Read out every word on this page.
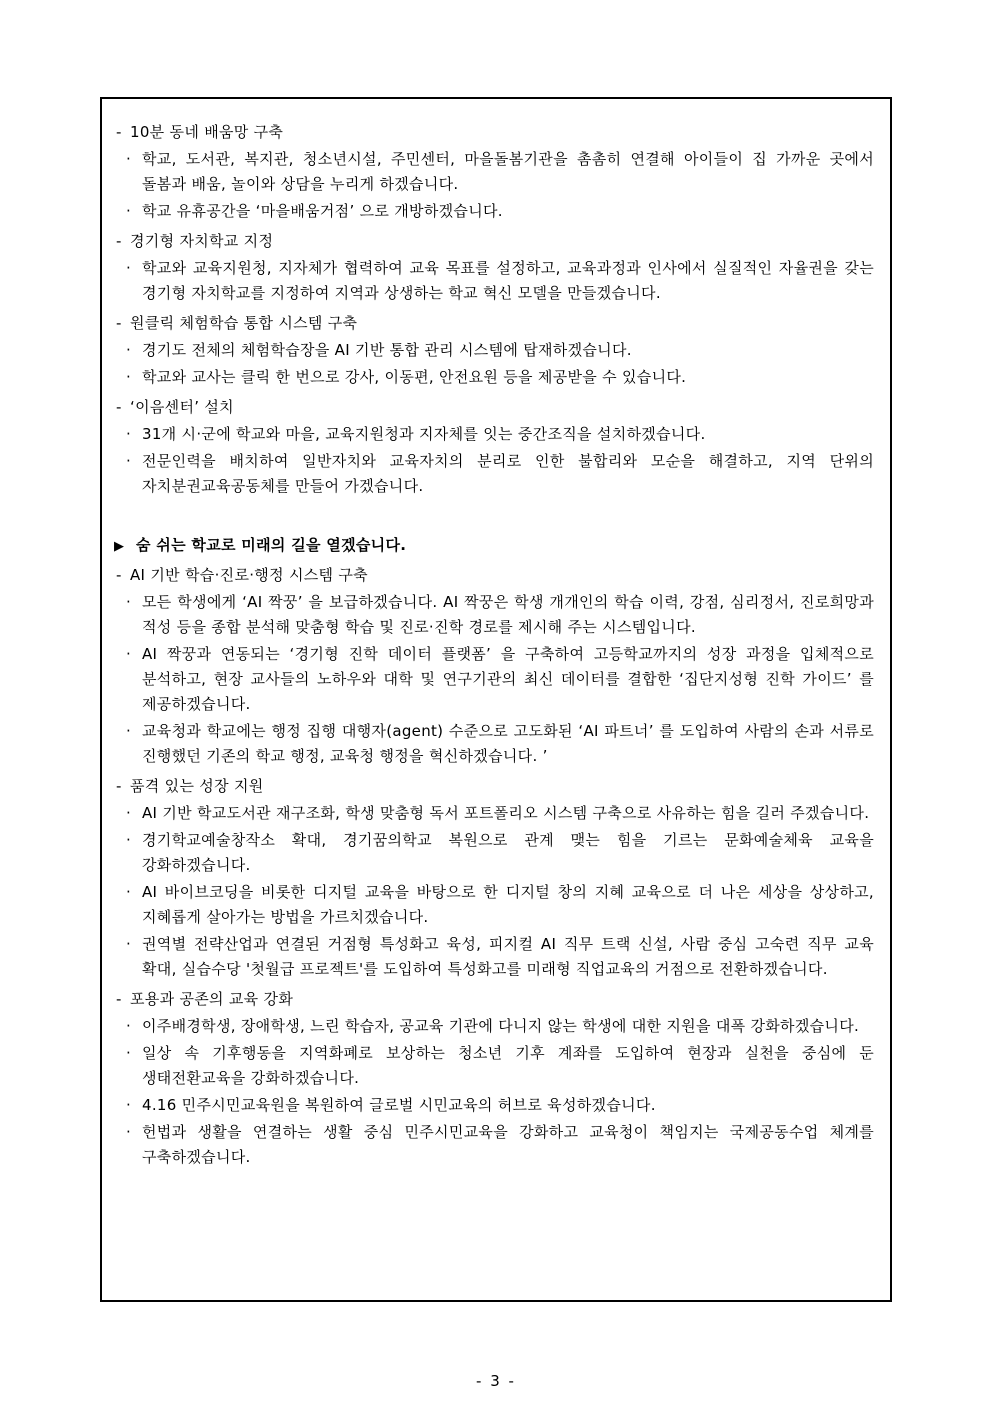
- 10분 동네 배움망 구축
· 학교, 도서관, 복지관, 청소년시설, 주민센터, 마을돌봄기관을 촘촘히 연결해 아이들이 집 가까운 곳에서 돌봄과 배움, 놀이와 상담을 누리게 하겠습니다.
· 학교 유휴공간을 ‘마을배움거점’ 으로 개방하겠습니다.
- 경기형 자치학교 지정
· 학교와 교육지원청, 지자체가 협력하여 교육 목표를 설정하고, 교육과정과 인사에서 실질적인 자율권을 갖는 경기형 자치학교를 지정하여 지역과 상생하는 학교 혁신 모델을 만들겠습니다.
- 원클릭 체험학습 통합 시스템 구축
· 경기도 전체의 체험학습장을 AI 기반 통합 관리 시스템에 탑재하겠습니다.
· 학교와 교사는 클릭 한 번으로 강사, 이동편, 안전요원 등을 제공받을 수 있습니다.
- ‘이음센터’ 설치
· 31개 시·군에 학교와 마을, 교육지원청과 지자체를 잇는 중간조직을 설치하겠습니다.
· 전문인력을 배치하여 일반자치와 교육자치의 분리로 인한 불합리와 모순을 해결하고, 지역 단위의 자치분권교육공동체를 만들어 가겠습니다.
▶ 숨 쉬는 학교로 미래의 길을 열겠습니다.
- AI 기반 학습·진로·행정 시스템 구축
· 모든 학생에게 ‘AI 짝꿍’ 을 보급하겠습니다. AI 짝꿍은 학생 개개인의 학습 이력, 강점, 심리정서, 진로희망과 적성 등을 종합 분석해 맞춤형 학습 및 진로·진학 경로를 제시해 주는 시스템입니다.
· AI 짝꿍과 연동되는 ‘경기형 진학 데이터 플랫폼’ 을 구축하여 고등학교까지의 성장 과정을 입체적으로 분석하고, 현장 교사들의 노하우와 대학 및 연구기관의 최신 데이터를 결합한 ‘집단지성형 진학 가이드’ 를 제공하겠습니다.
· 교육청과 학교에는 행정 집행 대행자(agent) 수준으로 고도화된 ‘AI 파트너’ 를 도입하여 사람의 손과 서류로 진행했던 기존의 학교 행정, 교육청 행정을 혁신하겠습니다. ’
- 품격 있는 성장 지원
· AI 기반 학교도서관 재구조화, 학생 맞춤형 독서 포트폴리오 시스템 구축으로 사유하는 힘을 길러 주겠습니다.
· 경기학교예술창작소 확대, 경기꿈의학교 복원으로 관계 맺는 힘을 기르는 문화예술체육 교육을 강화하겠습니다.
· AI 바이브코딩을 비롯한 디지털 교육을 바탕으로 한 디지털 창의 지혜 교육으로 더 나은 세상을 상상하고, 지혜롭게 살아가는 방법을 가르치겠습니다.
· 권역별 전략산업과 연결된 거점형 특성화고 육성, 피지컬 AI 직무 트랙 신설, 사람 중심 고숙련 직무 교육 확대, 실습수당 '첫월급 프로젝트'를 도입하여 특성화고를 미래형 직업교육의 거점으로 전환하겠습니다.
- 포용과 공존의 교육 강화
· 이주배경학생, 장애학생, 느린 학습자, 공교육 기관에 다니지 않는 학생에 대한 지원을 대폭 강화하겠습니다.
· 일상 속 기후행동을 지역화폐로 보상하는 청소년 기후 계좌를 도입하여 현장과 실천을 중심에 둔 생태전환교육을 강화하겠습니다.
· 4.16 민주시민교육원을 복원하여 글로벌 시민교육의 허브로 육성하겠습니다.
· 헌법과 생활을 연결하는 생활 중심 민주시민교육을 강화하고 교육청이 책임지는 국제공동수업 체계를 구축하겠습니다.
- 3 -
